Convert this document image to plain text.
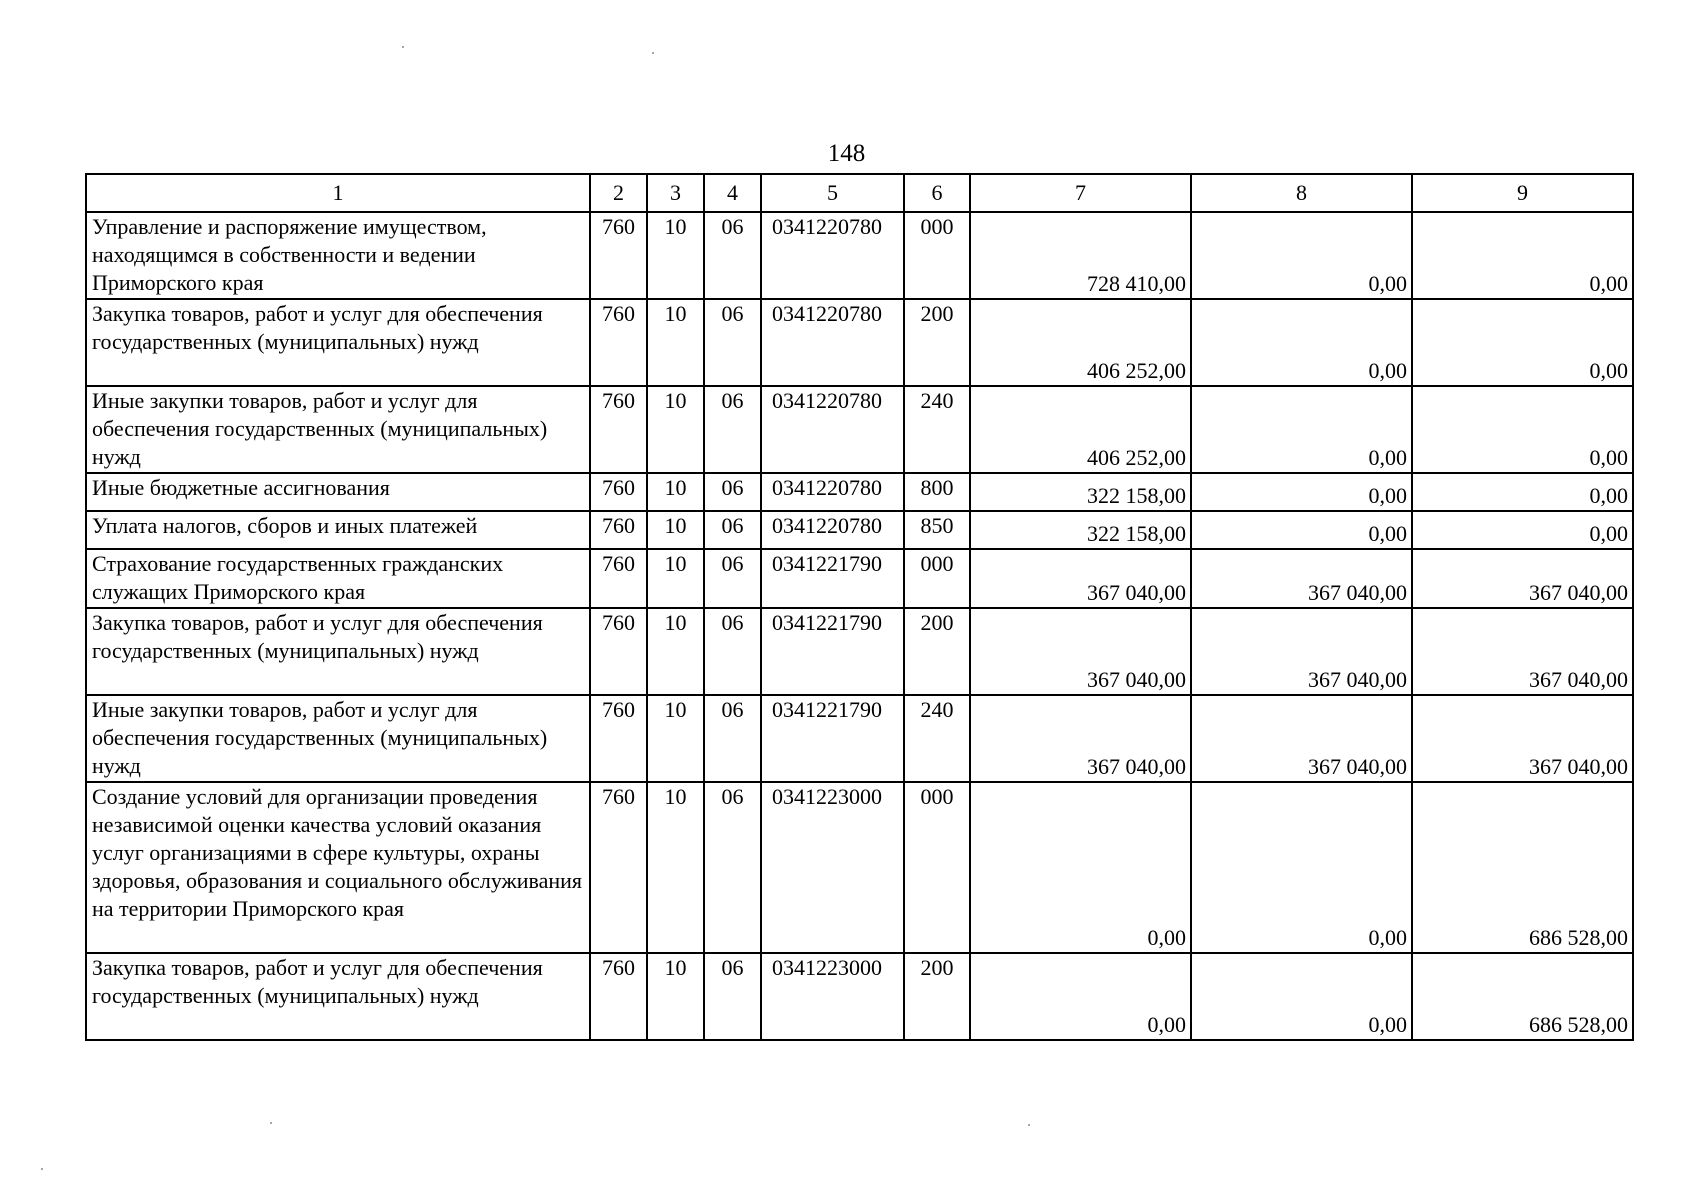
148
1	2	3	4	5	6	7	8	9
Управление и распоряжение имуществом, находящимся в собственности и ведении Приморского края	760	10	06	0341220780	000	728 410,00	0,00	0,00
Закупка товаров, работ и услуг для обеспечения государственных (муниципальных) нужд	760	10	06	0341220780	200	406 252,00	0,00	0,00
Иные закупки товаров, работ и услуг для обеспечения государственных (муниципальных) нужд	760	10	06	0341220780	240	406 252,00	0,00	0,00
Иные бюджетные ассигнования	760	10	06	0341220780	800	322 158,00	0,00	0,00
Уплата налогов, сборов и иных платежей	760	10	06	0341220780	850	322 158,00	0,00	0,00
Страхование государственных гражданских служащих Приморского края	760	10	06	0341221790	000	367 040,00	367 040,00	367 040,00
Закупка товаров, работ и услуг для обеспечения государственных (муниципальных) нужд	760	10	06	0341221790	200	367 040,00	367 040,00	367 040,00
Иные закупки товаров, работ и услуг для обеспечения государственных (муниципальных) нужд	760	10	06	0341221790	240	367 040,00	367 040,00	367 040,00
Создание условий для организации проведения независимой оценки качества условий оказания услуг организациями в сфере культуры, охраны здоровья, образования и социального обслуживания на территории Приморского края	760	10	06	0341223000	000	0,00	0,00	686 528,00
Закупка товаров, работ и услуг для обеспечения государственных (муниципальных) нужд	760	10	06	0341223000	200	0,00	0,00	686 528,00
